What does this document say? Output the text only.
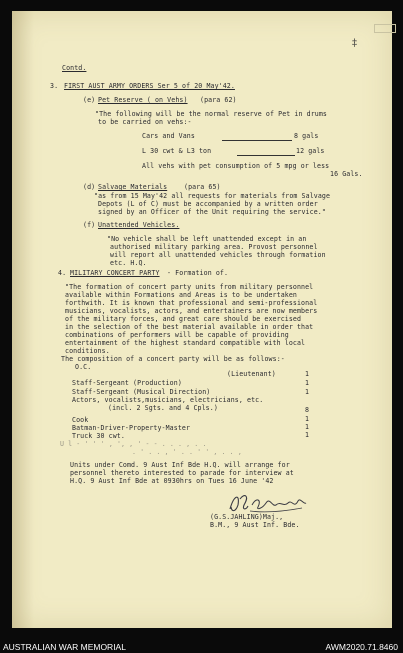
‡
Contd.
3. FIRST AUST ARMY ORDERS Ser 5 of 20 May'42.
(e) Pet Reserve ( on Vehs) (para 62)
"The following will be the normal reserve of Pet in drums
to be carried on vehs:-
Cars and Vans	8 gals
L 30 cwt & L3 ton	12 gals
All vehs with pet consumption of 5 mpg or less
16 Gals.
(d) Salvage Materials	(para 65)
"as from 15 May'42 all requests for materials from Salvage
Depots (L of C) must be accompanied by a written order
signed by an Officer of the Unit requiring the service."
(f) Unattended Vehicles.
"No vehicle shall be left unattended except in an
authorised military parking area. Provost personnel
will report all unattended vehicles through formation
etc. H.Q.
4. MILITARY CONCERT PARTY - Formation of.
"The formation of concert party units from military personnel
available within Formations and Areas is to be undertaken
forthwith. It is known that professional and semi-professional
musicians, vocalists, actors, and entertainers are now members
of the military forces, and great care should be exercised
in the selection of the best material available in order that
combinations of performers will be capable of providing
entertainment of the highest standard compatible with local
conditions.
The composition of a concert party will be as follows:-
O.C.
(Lieutenant)	1
Staff-Sergeant (Production)	1
Staff-Sergeant (Musical Direction)	1
Actors, vocalists,musicians, electricians, etc.
(incl. 2 Sgts. and 4 Cpls.)	8
Cook	1
Batman-Driver-Property-Master	1
Truck 30 cwt.	1
U l - ' ' ' , ', , ' - - . . . , . .
. ' . . , ' . . ' ' , . . ,
Units under Comd. 9 Aust Inf Bde H.Q. will arrange for
personnel thereto interested to parade for interview at
H.Q. 9 Aust Inf Bde at 0930hrs on Tues 16 June '42
(G.S.JAHLING)Maj.,
B.M., 9 Aust Inf. Bde.
AUSTRALIAN WAR MEMORIAL	AWM2020.71.8460
